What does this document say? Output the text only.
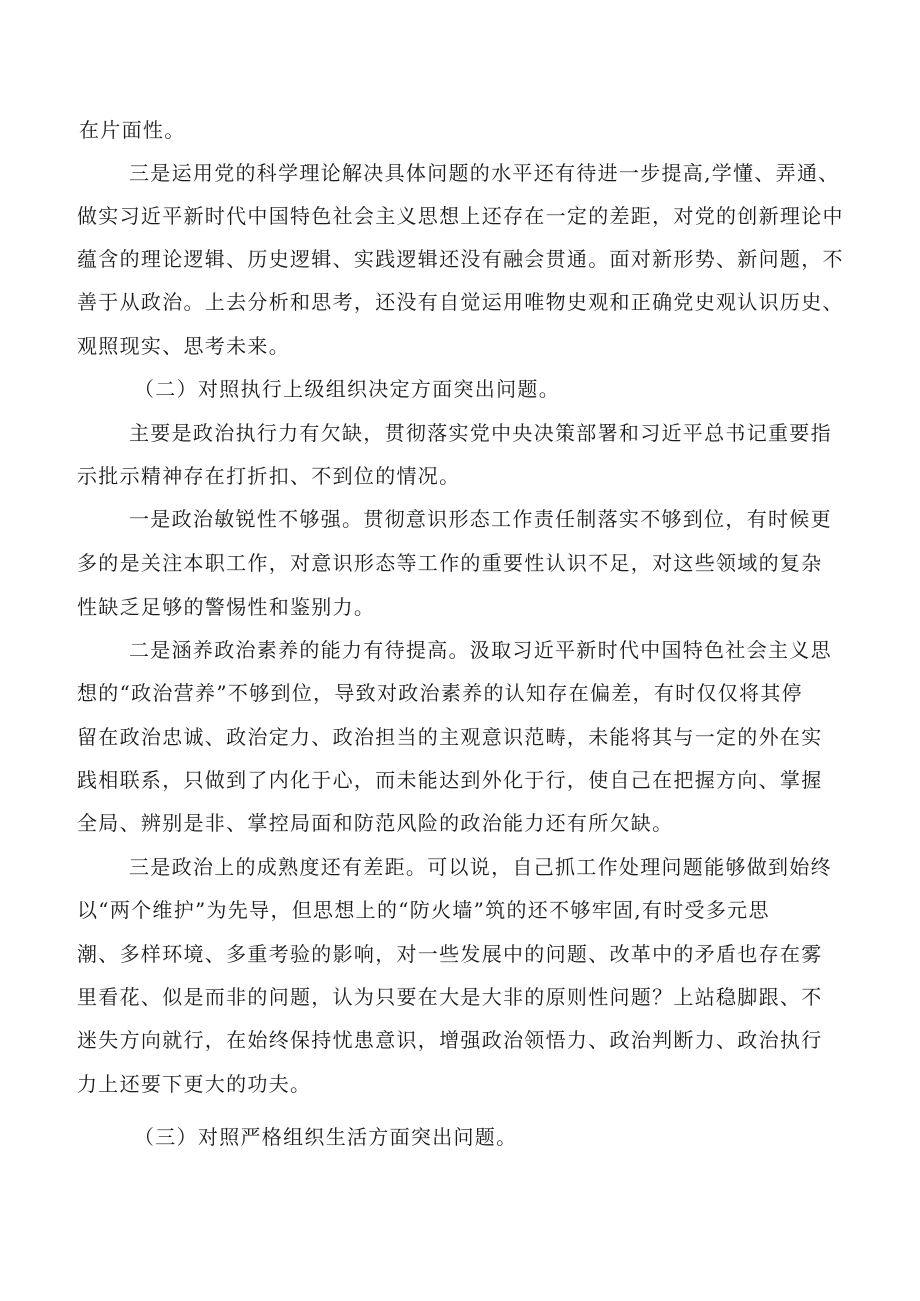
在片面性。
三是运用党的科学理论解决具体问题的水平还有待进一步提高,学懂、弄通、
做实习近平新时代中国特色社会主义思想上还存在一定的差距，对党的创新理论中
蕴含的理论逻辑、历史逻辑、实践逻辑还没有融会贯通。面对新形势、新问题，不
善于从政治。上去分析和思考，还没有自觉运用唯物史观和正确党史观认识历史、
观照现实、思考未来。
（二）对照执行上级组织决定方面突出问题。
主要是政治执行力有欠缺，贯彻落实党中央决策部署和习近平总书记重要指
示批示精神存在打折扣、不到位的情况。
一是政治敏锐性不够强。贯彻意识形态工作责任制落实不够到位，有时候更
多的是关注本职工作，对意识形态等工作的重要性认识不足，对这些领域的复杂
性缺乏足够的警惕性和鉴别力。
二是涵养政治素养的能力有待提高。汲取习近平新时代中国特色社会主义思
想的“政治营养”不够到位，导致对政治素养的认知存在偏差，有时仅仅将其停
留在政治忠诚、政治定力、政治担当的主观意识范畴，未能将其与一定的外在实
践相联系，只做到了内化于心，而未能达到外化于行，使自己在把握方向、掌握
全局、辨别是非、掌控局面和防范风险的政治能力还有所欠缺。
三是政治上的成熟度还有差距。可以说，自己抓工作处理问题能够做到始终
以“两个维护”为先导，但思想上的“防火墙”筑的还不够牢固,有时受多元思
潮、多样环境、多重考验的影响，对一些发展中的问题、改革中的矛盾也存在雾
里看花、似是而非的问题，认为只要在大是大非的原则性问题？上站稳脚跟、不
迷失方向就行，在始终保持忧患意识，增强政治领悟力、政治判断力、政治执行
力上还要下更大的功夫。
（三）对照严格组织生活方面突出问题。
